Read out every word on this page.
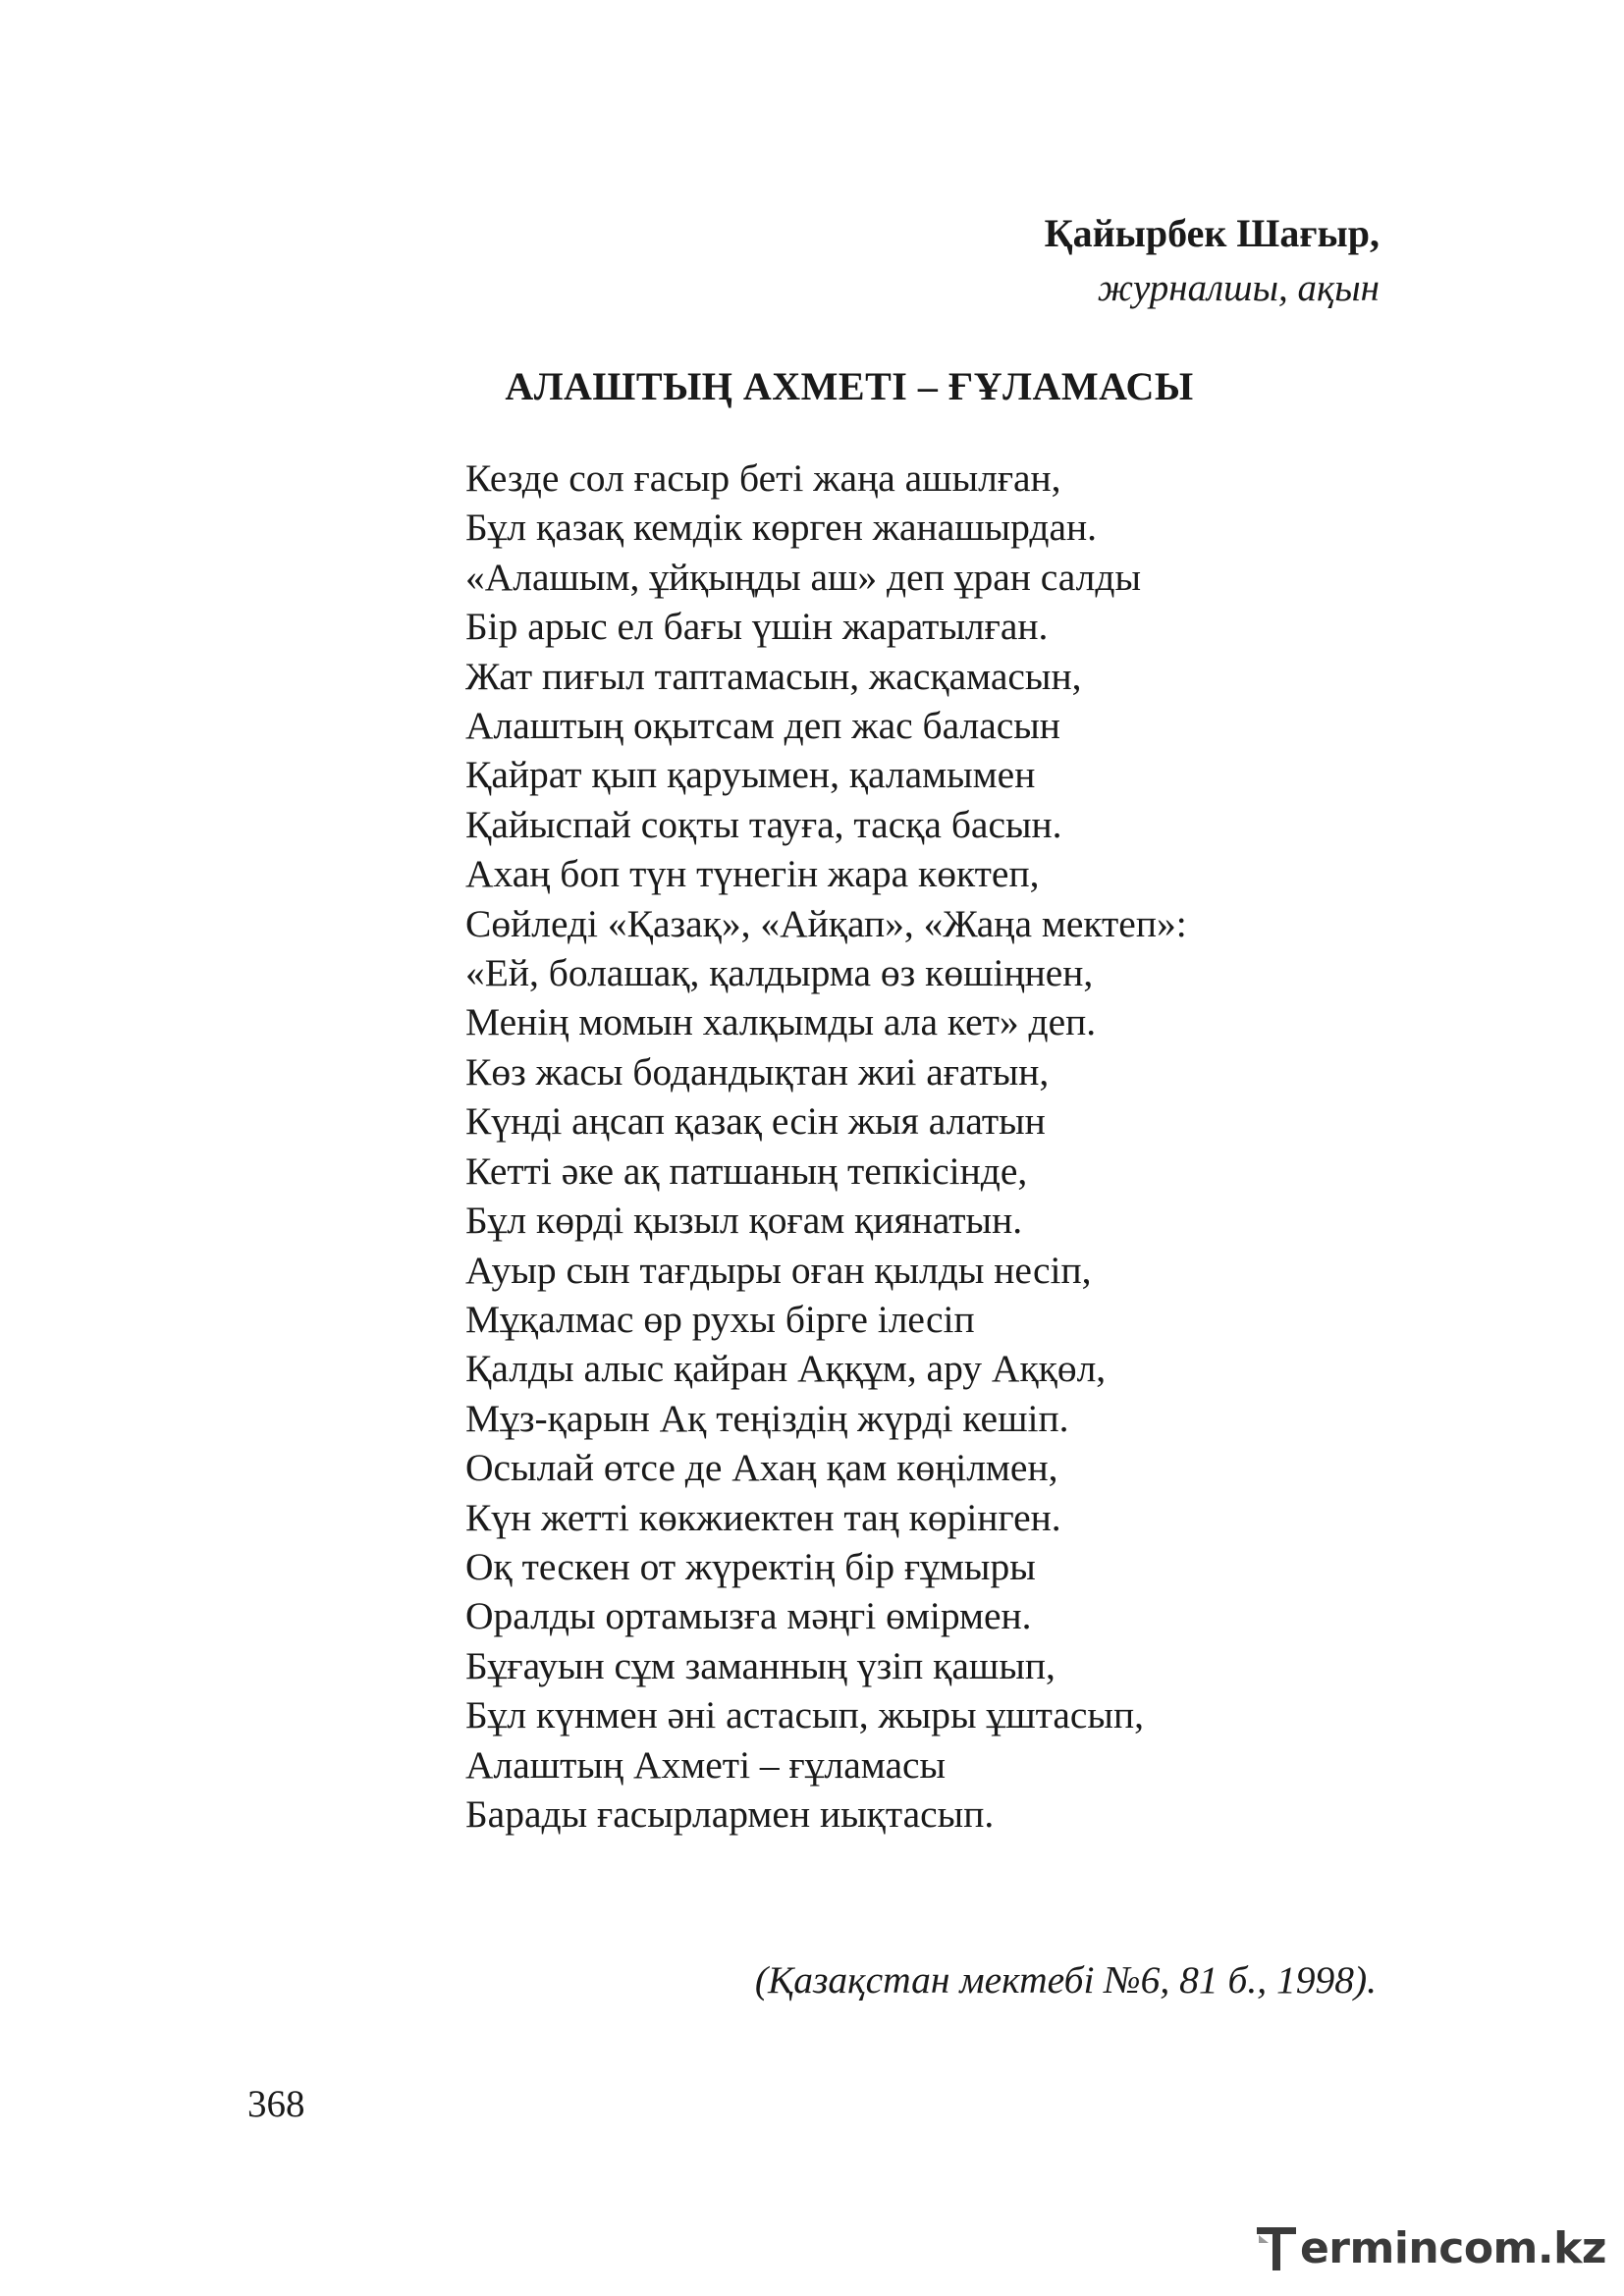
Қайырбек Шағыр,
журналшы, ақын
АЛАШТЫҢ АХМЕТІ – ҒҰЛАМАСЫ
Кезде сол ғасыр беті жаңа ашылған,
Бұл қазақ кемдік көрген жанашырдан.
«Алашым, ұйқыңды аш» деп ұран салды
Бір арыс ел бағы үшін жаратылған.
Жат пиғыл таптамасын, жасқамасын,
Алаштың оқытсам деп жас баласын
Қайрат қып қаруымен, қаламымен
Қайыспай соқты тауға, тасқа басын.
Ахаң боп түн түнегін жара көктеп,
Сөйледі «Қазақ», «Айқап», «Жаңа мектеп»:
«Ей, болашақ, қалдырма өз көшіңнен,
Менің момын халқымды ала кет» деп.
Көз жасы бодандықтан жиі ағатын,
Күнді аңсап қазақ есін жыя алатын
Кетті әке ақ патшаның тепкісінде,
Бұл көрді қызыл қоғам қиянатын.
Ауыр сын тағдыры оған қылды несіп,
Мұқалмас өр рухы бірге ілесіп
Қалды алыс қайран Аққұм, ару Аққөл,
Мұз-қарын Ақ теңіздің жүрді кешіп.
Осылай өтсе де Ахаң қам көңілмен,
Күн жетті көкжиектен таң көрінген.
Оқ тескен от жүректің бір ғұмыры
Оралды ортамызға мәңгі өмірмен.
Бұғауын сұм заманның үзіп қашып,
Бұл күнмен əні астасып, жыры ұштасып,
Алаштың Ахметі – ғұламасы
Барады ғасырлармен иықтасып.
(Қазақстан мектебі №6, 81 б., 1998).
368
ermincom.kz
